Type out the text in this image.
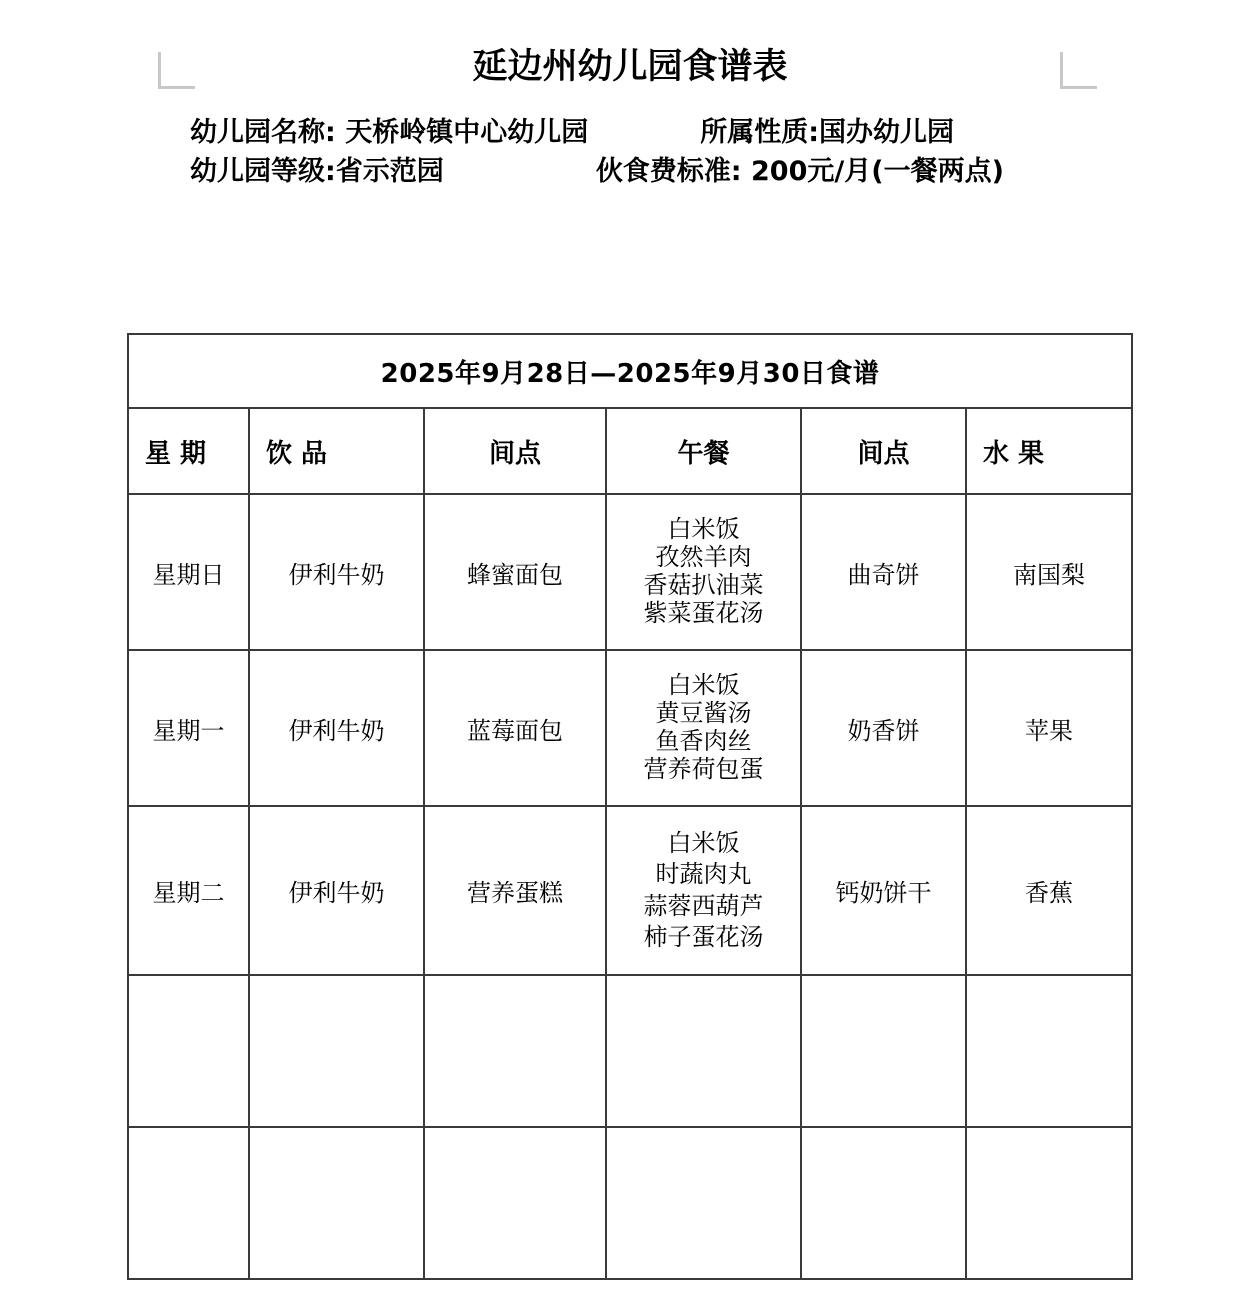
延边州幼儿园食谱表
幼儿园名称: 天桥岭镇中心幼儿园	所属性质:国办幼儿园
幼儿园等级:省示范园	伙食费标准: 200元/月(一餐两点)
2025年9月28日—2025年9月30日食谱					
星 期	饮 品	间点	午餐	间点	水 果
星期日	伊利牛奶	蜂蜜面包	白米饭
孜然羊肉
香菇扒油菜
紫菜蛋花汤	曲奇饼	南国梨
星期一	伊利牛奶	蓝莓面包	白米饭
黄豆酱汤
鱼香肉丝
营养荷包蛋	奶香饼	苹果
星期二	伊利牛奶	营养蛋糕	白米饭
时蔬肉丸
蒜蓉西葫芦
柿子蛋花汤	钙奶饼干	香蕉
